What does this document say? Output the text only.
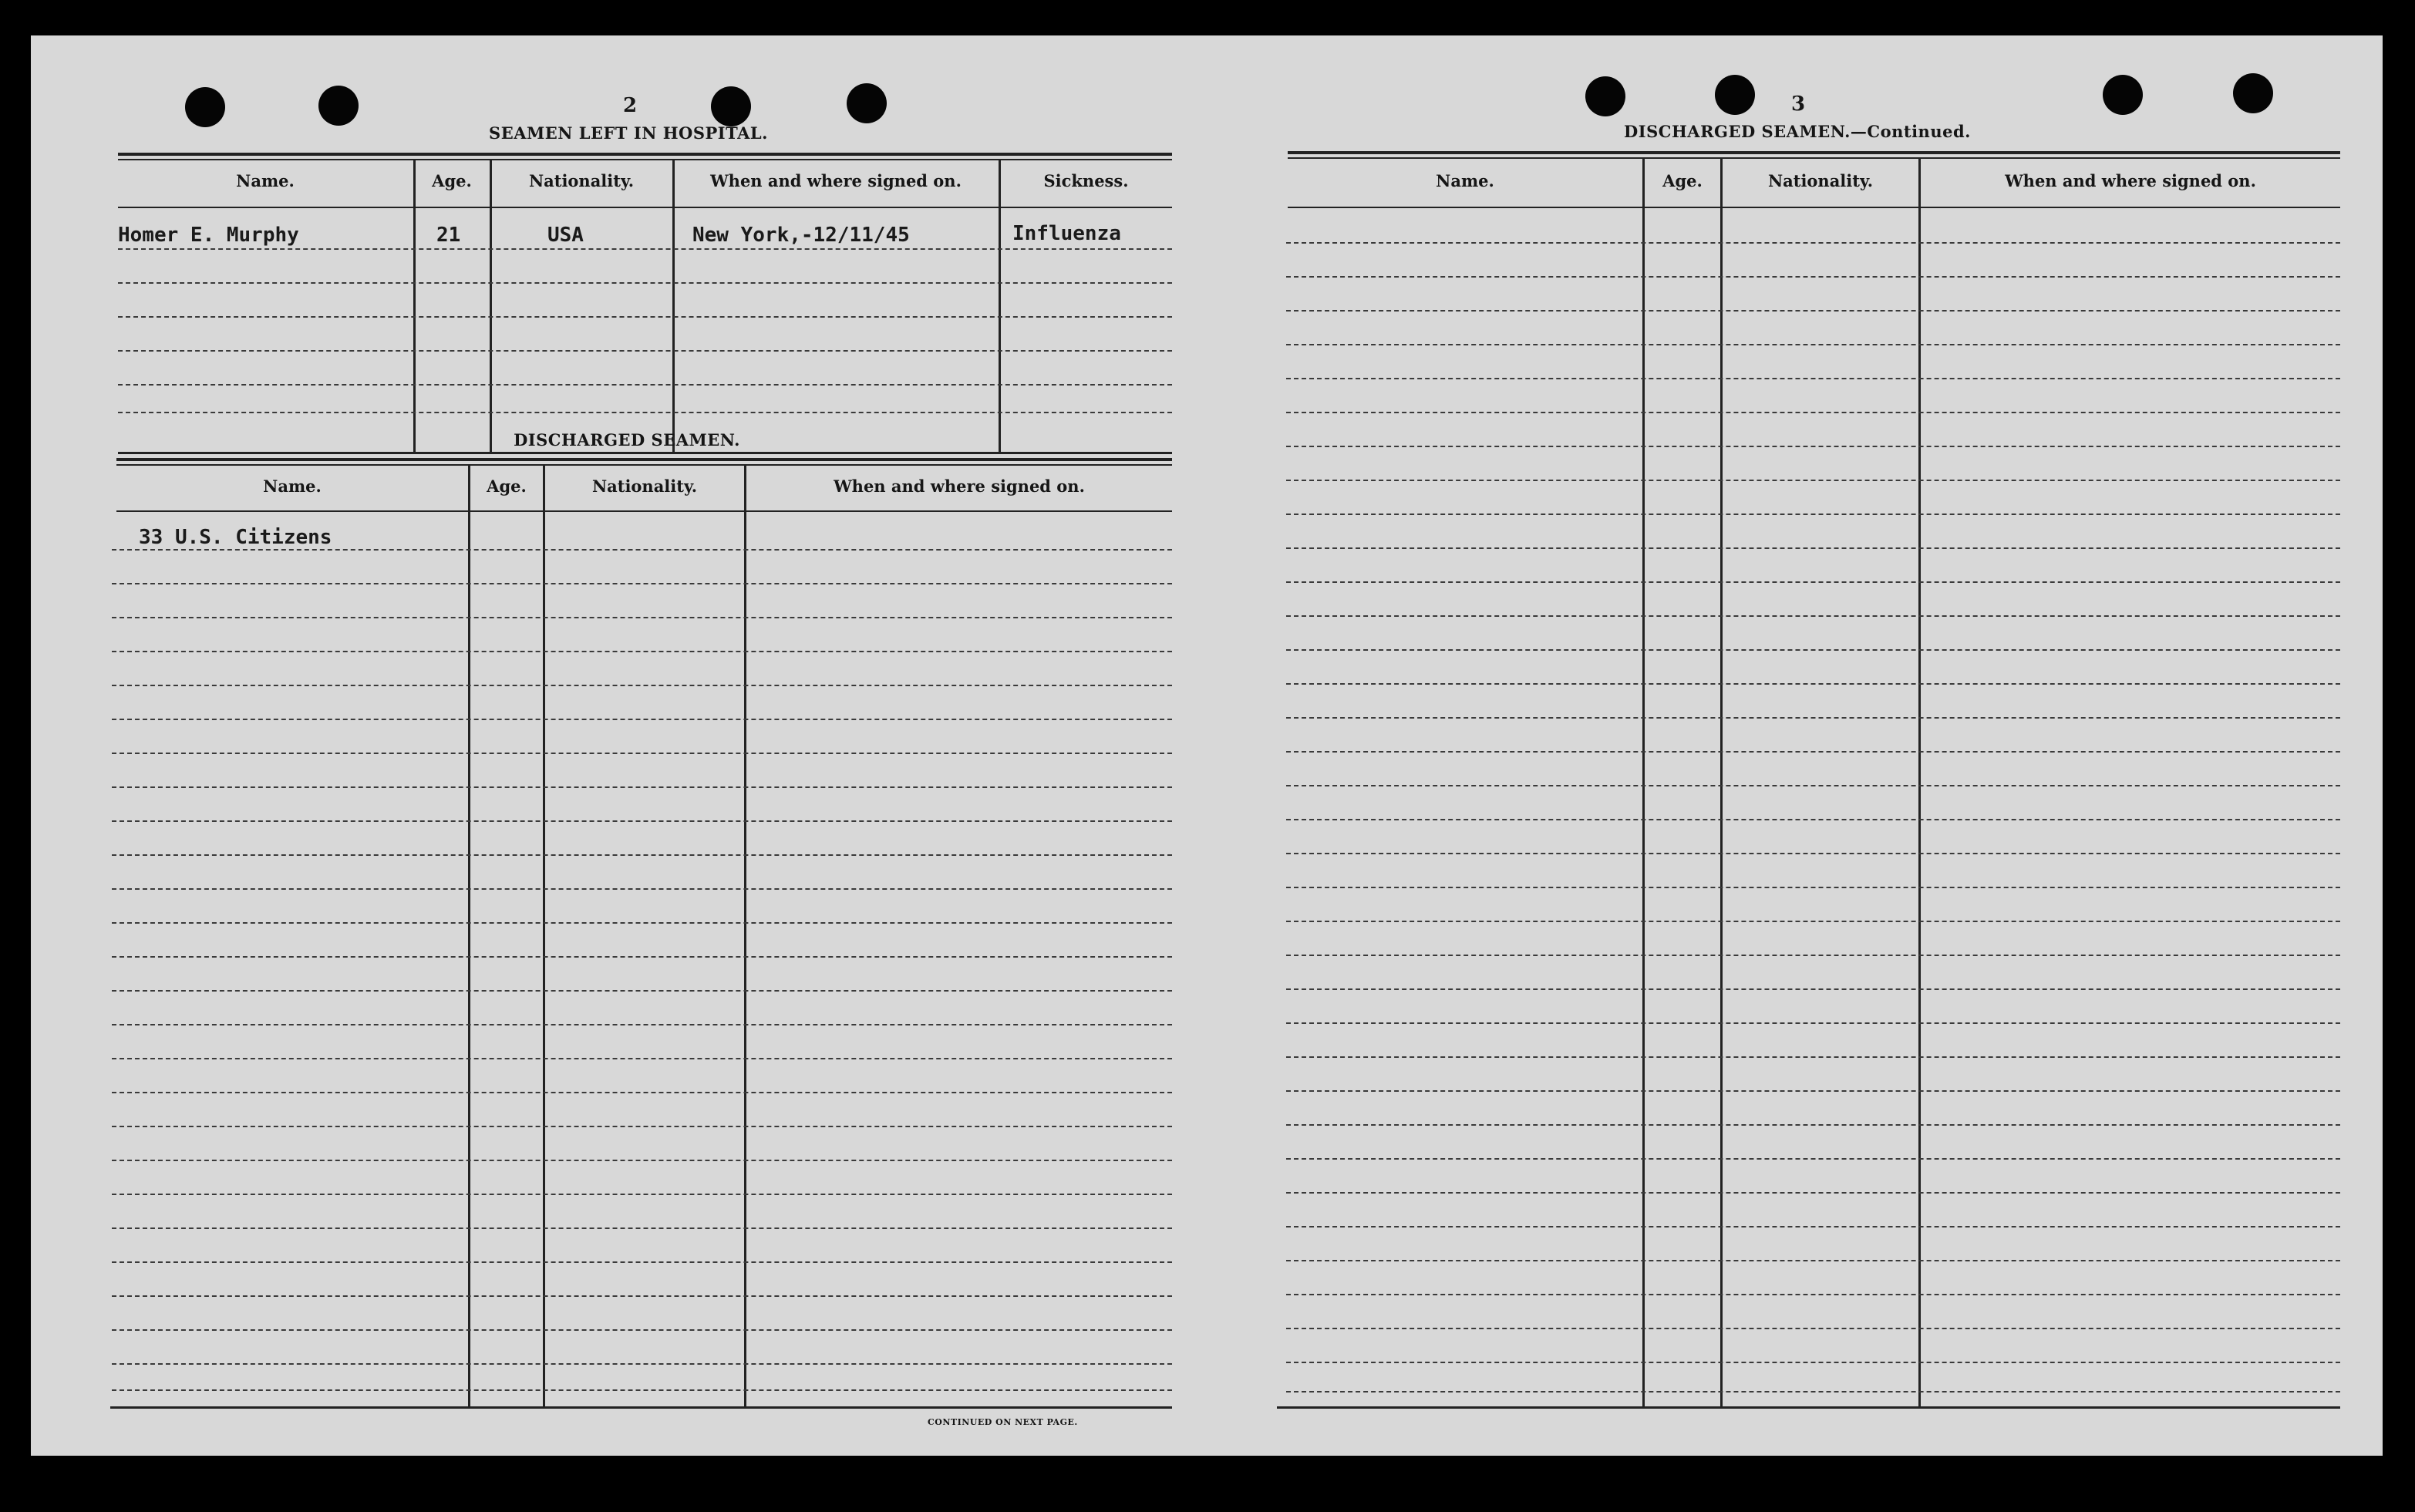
2
SEAMEN LEFT IN HOSPITAL.
Name.	Age.	Nationality.	When and where signed on.	Sickness.
Homer E. Murphy	21	USA	New York,-12/11/45	Influenza
DISCHARGED SEAMEN.
Name.	Age.	Nationality.	When and where signed on.
33 U.S. Citizens
CONTINUED ON NEXT PAGE.
3
DISCHARGED SEAMEN.—Continued.
Name.	Age.	Nationality.	When and where signed on.
